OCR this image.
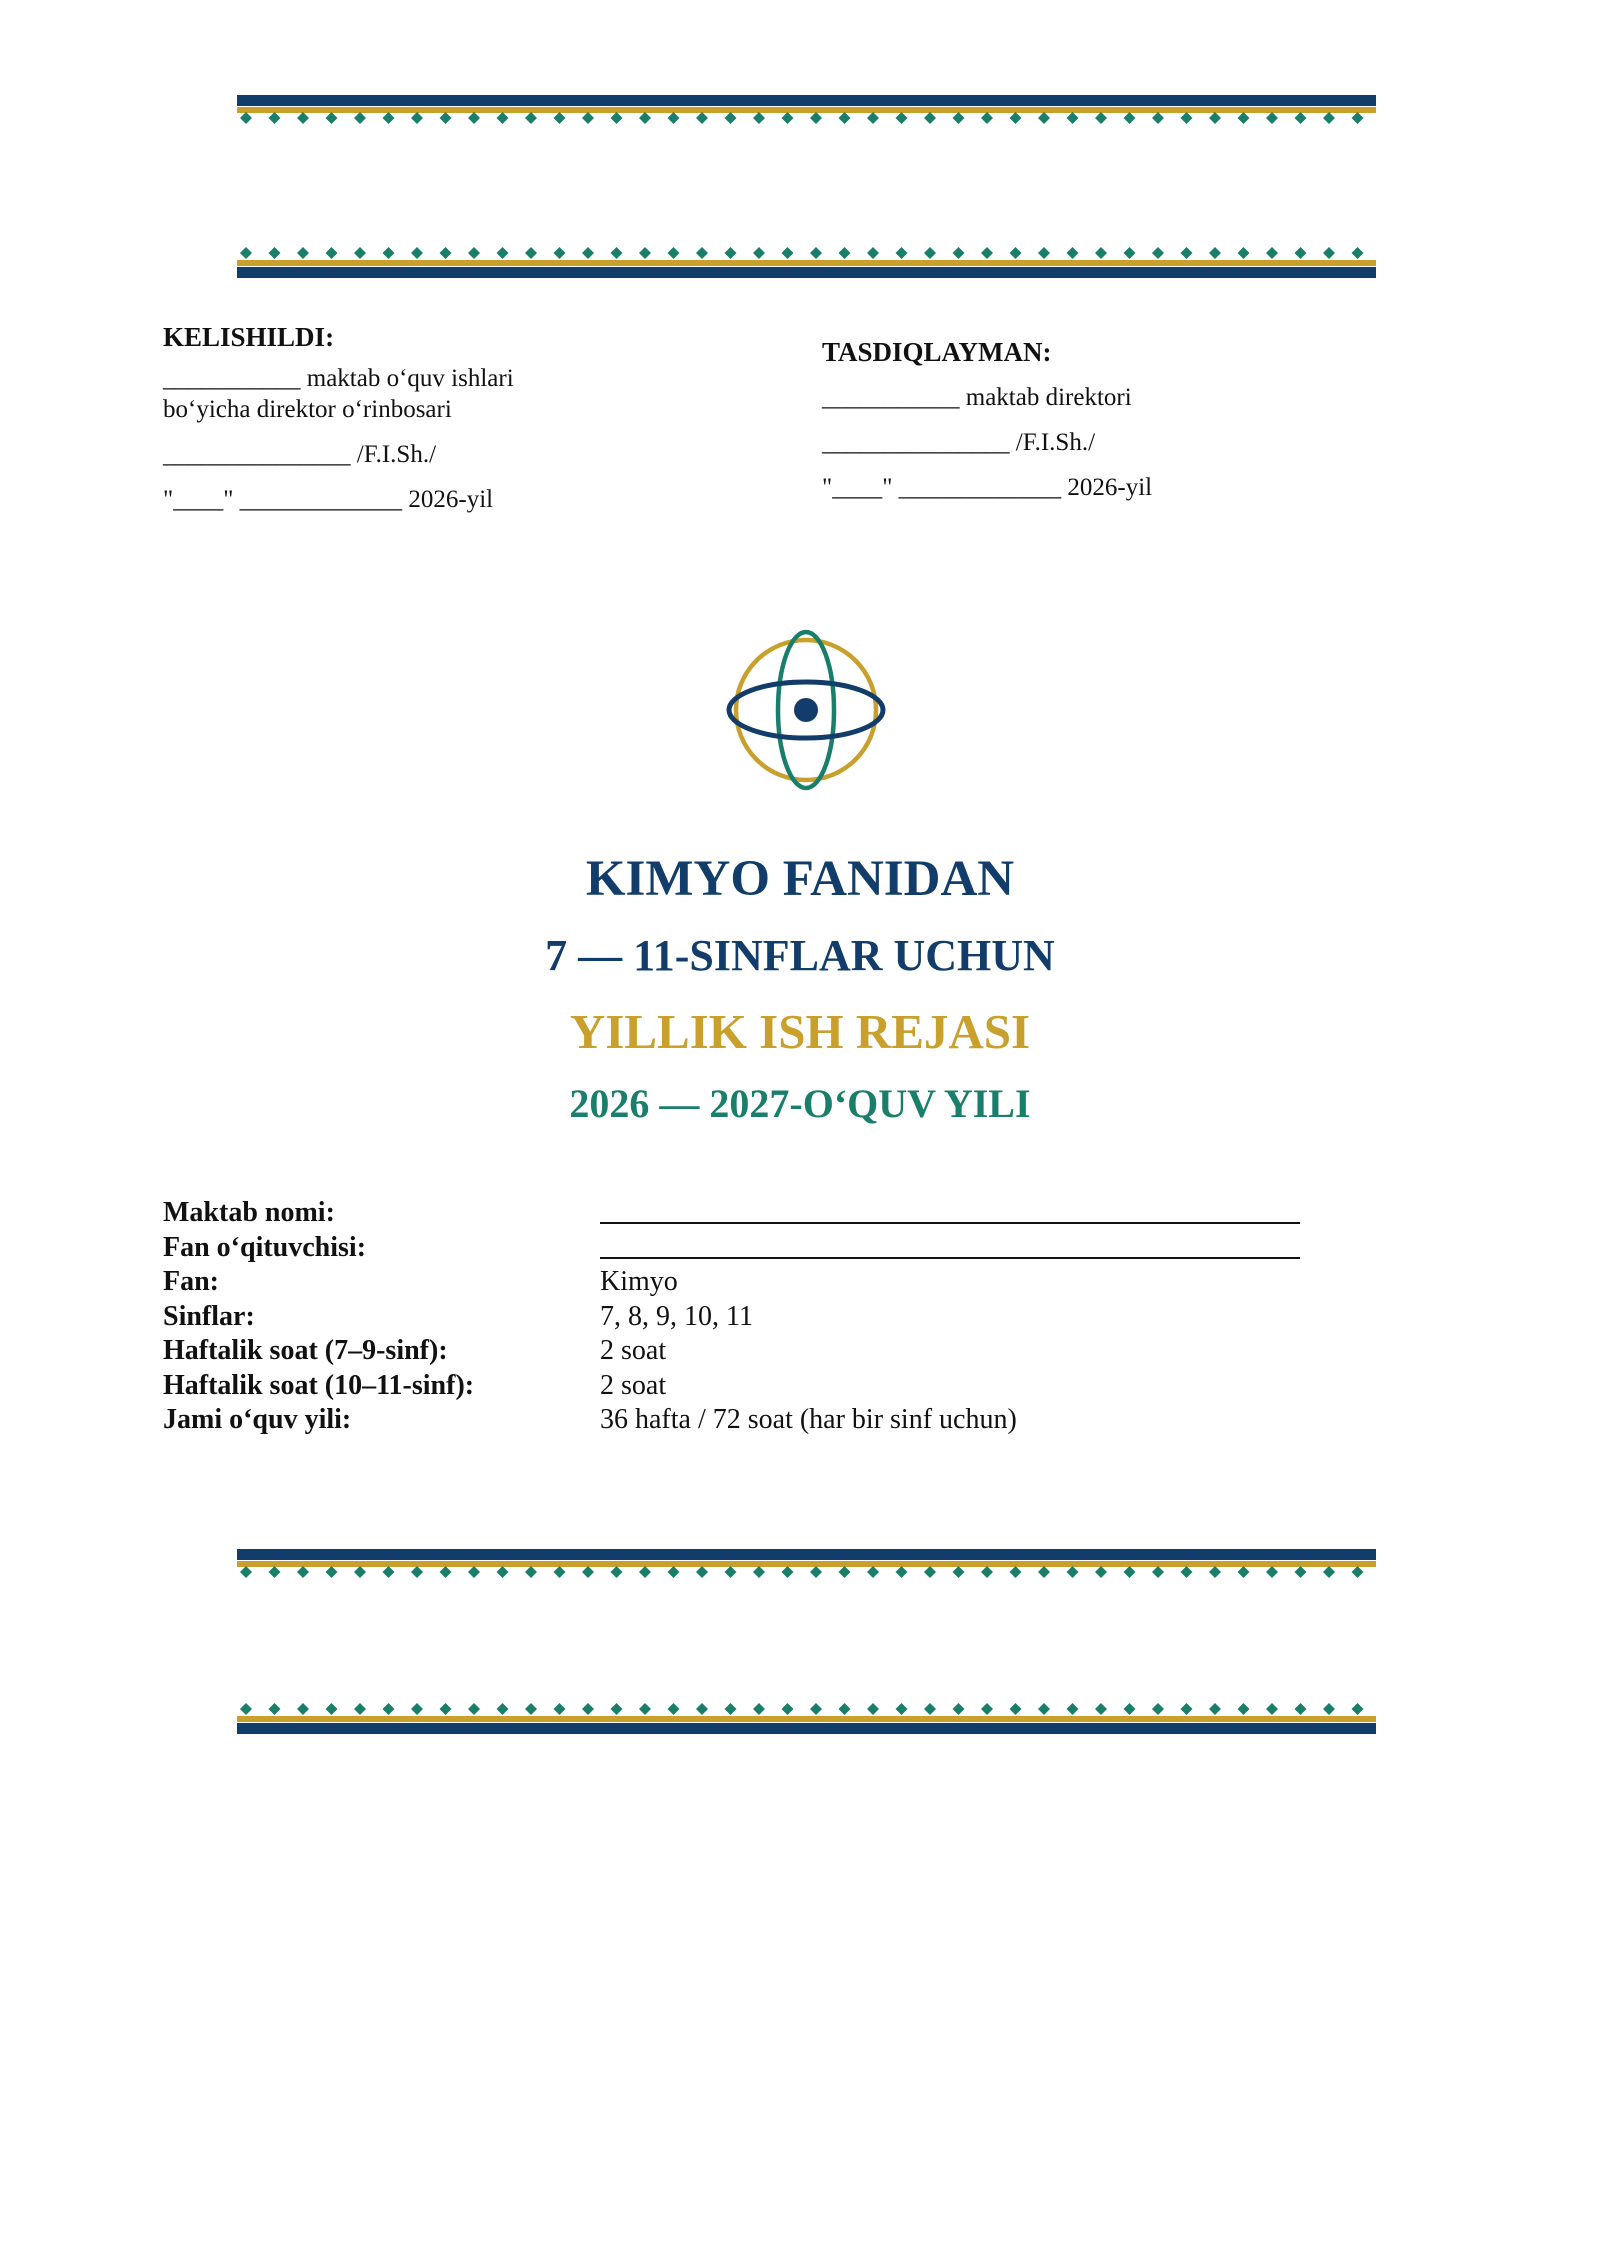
KELISHILDI:
___________ maktab o‘quv ishlari
bo‘yicha direktor o‘rinbosari
_______________ /F.I.Sh./
"____" _____________ 2026-yil
TASDIQLAYMAN:
___________ maktab direktori
_______________ /F.I.Sh./
"____" _____________ 2026-yil
KIMYO FANIDAN
7 — 11-SINFLAR UCHUN
YILLIK ISH REJASI
2026 — 2027-O‘QUV YILI
Maktab nomi:
Fan o‘qituvchisi:
Fan:	Kimyo
Sinflar:	7, 8, 9, 10, 11
Haftalik soat (7–9-sinf):	2 soat
Haftalik soat (10–11-sinf):	2 soat
Jami o‘quv yili:	36 hafta / 72 soat (har bir sinf uchun)
